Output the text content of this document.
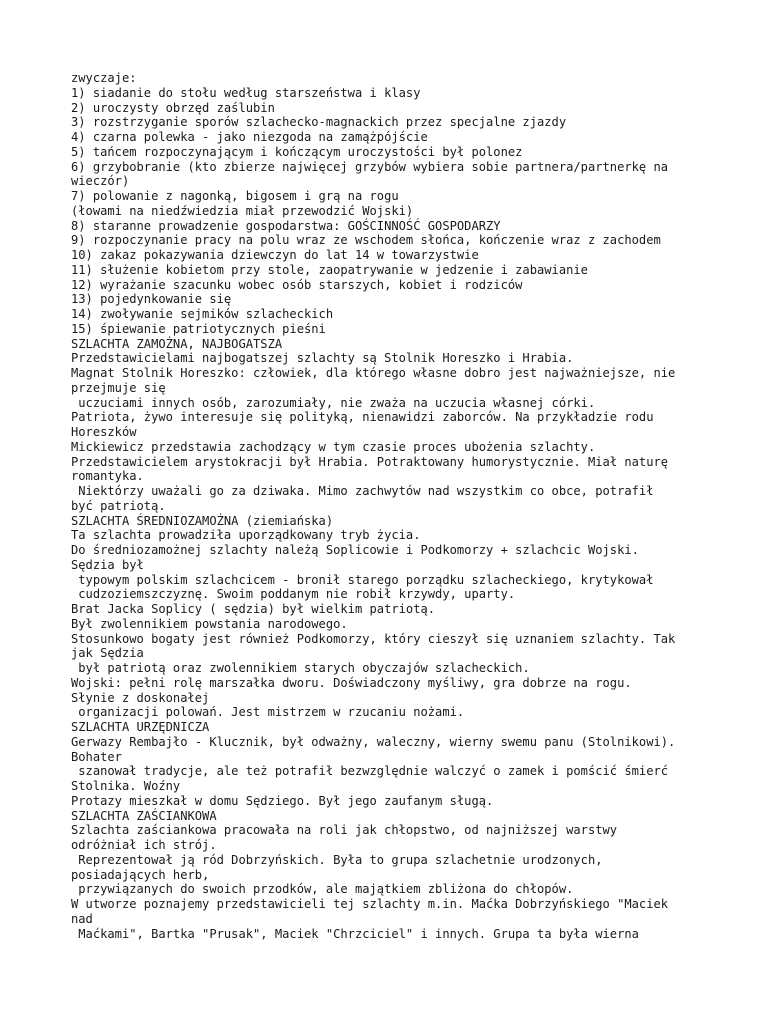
zwyczaje:
1) siadanie do stołu według starszeństwa i klasy
2) uroczysty obrzęd zaślubin
3) rozstrzyganie sporów szlachecko-magnackich przez specjalne zjazdy
4) czarna polewka - jako niezgoda na zamążpójście
5) tańcem rozpoczynającym i kończącym uroczystości był polonez
6) grzybobranie (kto zbierze najwięcej grzybów wybiera sobie partnera/partnerkę na
wieczór)
7) polowanie z nagonką, bigosem i grą na rogu
(łowami na niedźwiedzia miał przewodzić Wojski)
8) staranne prowadzenie gospodarstwa: GOŚCINNOŚĆ GOSPODARZY
9) rozpoczynanie pracy na polu wraz ze wschodem słońca, kończenie wraz z zachodem
10) zakaz pokazywania dziewczyn do lat 14 w towarzystwie
11) służenie kobietom przy stole, zaopatrywanie w jedzenie i zabawianie
12) wyrażanie szacunku wobec osób starszych, kobiet i rodziców
13) pojedynkowanie się
14) zwoływanie sejmików szlacheckich
15) śpiewanie patriotycznych pieśni
SZLACHTA ZAMOŻNA, NAJBOGATSZA
Przedstawicielami najbogatszej szlachty są Stolnik Horeszko i Hrabia.
Magnat Stolnik Horeszko: człowiek, dla którego własne dobro jest najważniejsze, nie
przejmuje się
uczuciami innych osób, zarozumiały, nie zważa na uczucia własnej córki.
Patriota, żywo interesuje się polityką, nienawidzi zaborców. Na przykładzie rodu
Horeszków
Mickiewicz przedstawia zachodzący w tym czasie proces ubożenia szlachty.
Przedstawicielem arystokracji był Hrabia. Potraktowany humorystycznie. Miał naturę
romantyka.
Niektórzy uważali go za dziwaka. Mimo zachwytów nad wszystkim co obce, potrafił
być patriotą.
SZLACHTA ŚREDNIOZAMOŻNA (ziemiańska)
Ta szlachta prowadziła uporządkowany tryb życia.
Do średniozamożnej szlachty należą Soplicowie i Podkomorzy + szlachcic Wojski.
Sędzia był
typowym polskim szlachcicem - bronił starego porządku szlacheckiego, krytykował
cudzoziemszczyznę. Swoim poddanym nie robił krzywdy, uparty.
Brat Jacka Soplicy ( sędzia) był wielkim patriotą.
Był zwolennikiem powstania narodowego.
Stosunkowo bogaty jest również Podkomorzy, który cieszył się uznaniem szlachty. Tak
jak Sędzia
był patriotą oraz zwolennikiem starych obyczajów szlacheckich.
Wojski: pełni rolę marszałka dworu. Doświadczony myśliwy, gra dobrze na rogu.
Słynie z doskonałej
organizacji polowań. Jest mistrzem w rzucaniu nożami.
SZLACHTA URZĘDNICZA
Gerwazy Rembajło - Klucznik, był odważny, waleczny, wierny swemu panu (Stolnikowi).
Bohater
szanował tradycje, ale też potrafił bezwzględnie walczyć o zamek i pomścić śmierć
Stolnika. Woźny
Protazy mieszkał w domu Sędziego. Był jego zaufanym sługą.
SZLACHTA ZAŚCIANKOWA
Szlachta zaściankowa pracowała na roli jak chłopstwo, od najniższej warstwy
odróżniał ich strój.
Reprezentował ją ród Dobrzyńskich. Była to grupa szlachetnie urodzonych,
posiadających herb,
przywiązanych do swoich przodków, ale majątkiem zbliżona do chłopów.
W utworze poznajemy przedstawicieli tej szlachty m.in. Maćka Dobrzyńskiego "Maciek
nad
Maćkami", Bartka "Prusak", Maciek "Chrzciciel" i innych. Grupa ta była wierna
